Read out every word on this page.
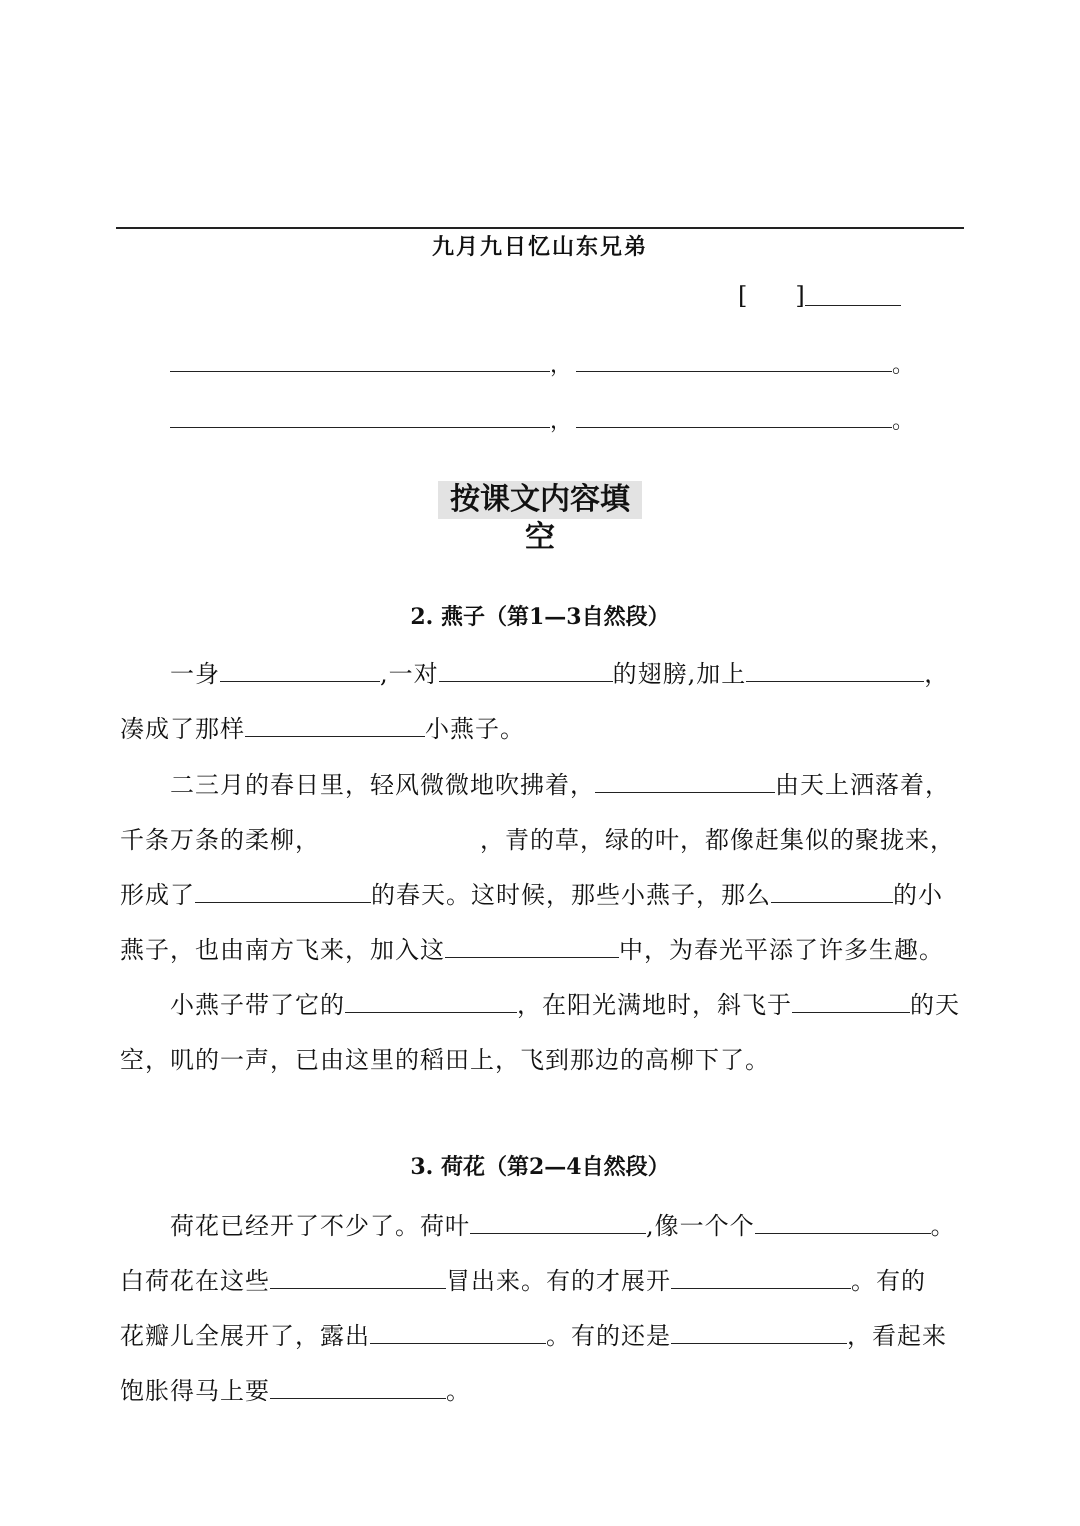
九月九日忆山东兄弟
[ ]
，	。
，	。
按课文内容填空
2. 燕子（第1—3自然段）
一身	,一对	的翅膀,加上	，
凑成了那样	小燕子。
二三月的春日里，轻风微微地吹拂着，	由天上洒落着，
千条万条的柔柳，	，青的草，绿的叶，都像赶集似的聚拢来，
形成了	的春天。这时候，那些小燕子，那么	的小
燕子，也由南方飞来，加入这	中，为春光平添了许多生趣。
小燕子带了它的	，在阳光满地时，斜飞于	的天
空，叽的一声，已由这里的稻田上，飞到那边的高柳下了。
3. 荷花（第2—4自然段）
荷花已经开了不少了。荷叶	,像一个个	。
白荷花在这些	冒出来。有的才展开	。有的
花瓣儿全展开了，露出	。有的还是	，看起来
饱胀得马上要	。
